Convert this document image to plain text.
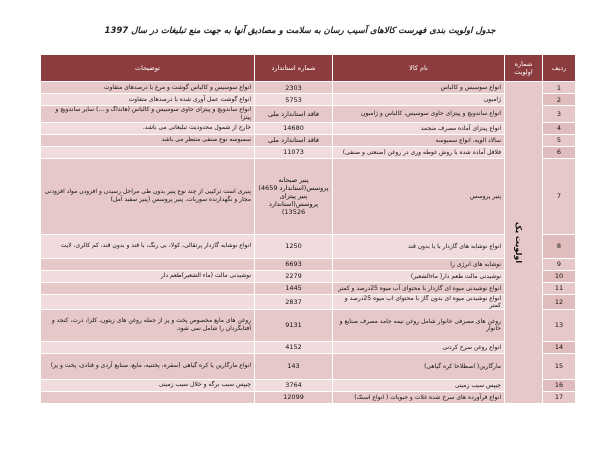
جدول اولویت بندی فهرست کالاهای آسیب رسان به سلامت و مصادیق آنها به جهت منع تبلیغات در سال 1397
ردیف	شماره اولویت	نام کالا	شماره استاندارد	توضیحات
1	اولویت یک	انواع سوسیس و کالباس	2303	انواع سوسیس و کالباس گوشت و مرغ با درصدهای متفاوت
2		ژامبون	5753	انواع گوشت عمل آوری شده با درصدهای متفاوت
3		انواع ساندویچ و پیتزای حاوی سوسیس، کالباس و ژامبون	فاقد استاندارد ملی	انواع ساندویچ و پیتزای حاوی سوسیس و کالباس (هاتداگ و ...) سایر ساندویچ و پیتزا
4		انواع پیتزای آماده مصرف منجمد	14680	خارج از شمول محدودیت تبلیغاتی می باشد.
5		سالاد الویه، انواع سمبوسه	فاقد استاندارد ملی	سمبوسه نوع صنفی منتظر می باشد
6		فلافل آماده شده با روش غوطه وری در روغن (صنعتی و صنفی)	11073	
7		پنیر پروسس	پنیر صبحانه پروسس(استاندارد 4659) پنیر پیتزای پروسس(استاندارد 13526)	پنیری است ترکیبی از چند نوع پنیر بدون طی مراحل رسیدن و افزودن مواد افزودنی مجاز و نگهدارنده سوربات. پنیر پروسس (پنیر سفید آمل)
8		انواع نوشابه های گازدار با یا بدون قند	1250	انواع نوشابه گازدار پرتقالی، کولا، بی رنگ، با قند و بدون قند، کم کالری، لایت
9		نوشابه های انرژی زا	6693	
10		نوشیدنی مالت طعم دار( ماءالشعیر)	2279	نوشیدنی مالت (ماء الشعیر)طعم دار
11		انواع نوشیدنی میوه ای گازدار با محتوای آب میوه 25درصد و کمتر	1445	
12		انواع نوشیدنی میوه ای بدون گاز با محتوای آب میوه 25درصد و کمتر	2837	
13		روغن های مصرفی خانوار شامل روغن نیمه جامد مصرف صنایع و خانوار	9131	روغن های مایع مخصوص پخت و پز از جمله روغن های زیتون، کلزا، ذرت، کنجد و آفتابگردان را شامل نمی شود.
14		انواع روغن سرخ کردنی	4152	
15		مارگارین( اصطلاحا کره گیاهی)	143	انواع مارگارین یا کره گیاهی (سفره، پختنیه، مایع، صنایع آردی و قنادی، پخت و پز)
16		چیپس سیب زمینی	3764	چیپس سیب برگه و خلال سیب زمینی
17		انواع فرآورده های سرخ شده غلات و حبوبات ( انواع اسنک)	12099	
